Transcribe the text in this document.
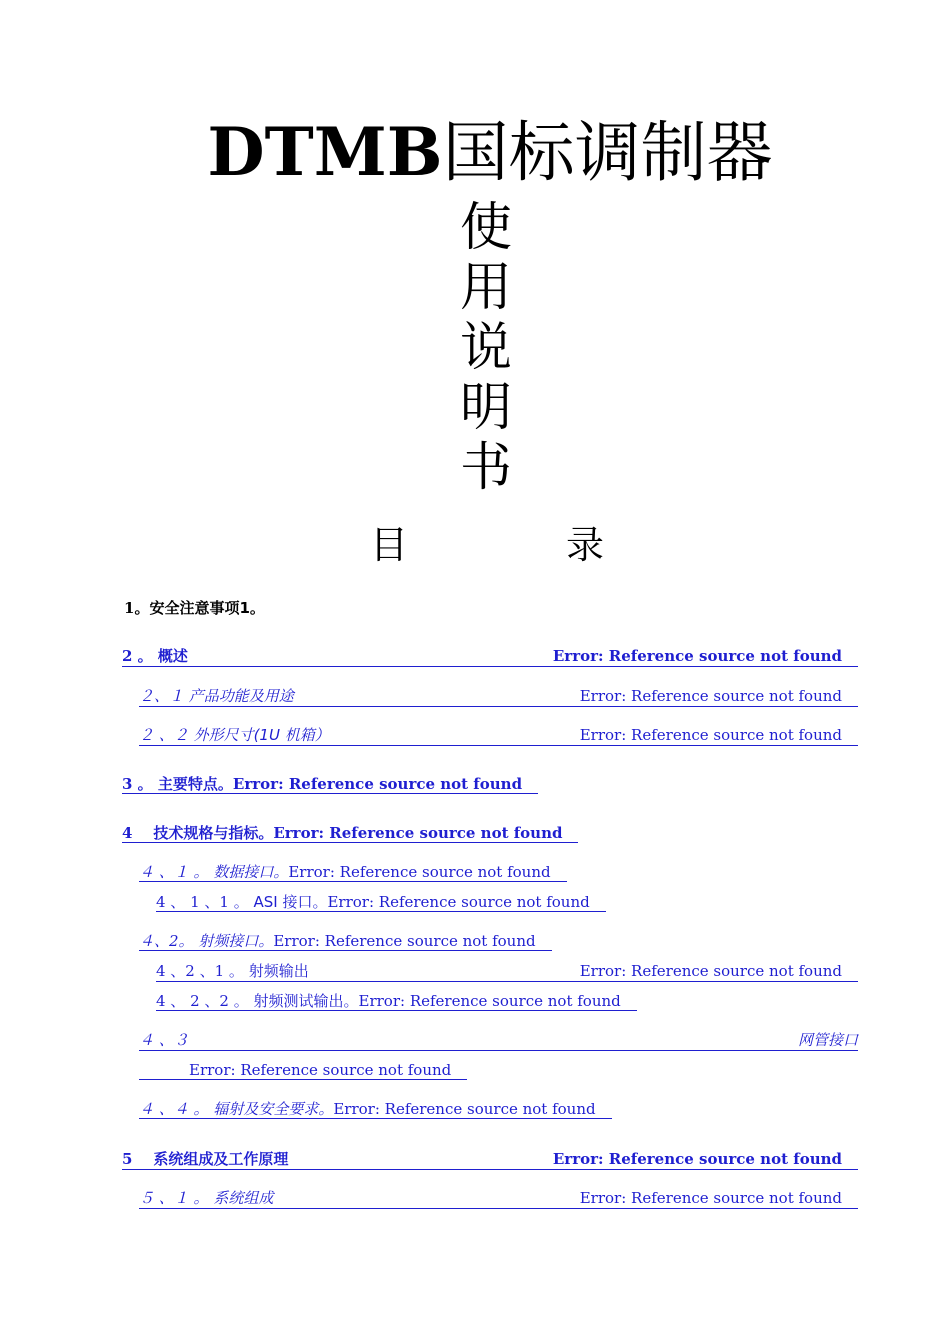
DTMB国标调制器
使
用
说
明
书
目	录
1。安全注意事项1。
2 。 概述	Error: Reference source not found
２、１ 产品功能及用途	Error: Reference source not found
２ 、２ 外形尺寸(1U 机箱）	Error: Reference source not found
3 。 主要特点。Error: Reference source not found
4 技术规格与指标。Error: Reference source not found
４ 、１ 。 数据接口。Error: Reference source not found
4 、 1 、1 。 ASI 接口。Error: Reference source not found
４、2。 射频接口。Error: Reference source not found
4 、2 、1 。 射频输出	Error: Reference source not found
4 、 2 、2 。 射频测试输出。Error: Reference source not found
４ 、３	网管接口
Error: Reference source not found
４ 、４ 。 辐射及安全要求。Error: Reference source not found
5 系统组成及工作原理	Error: Reference source not found
５ 、１ 。 系统组成	Error: Reference source not found
